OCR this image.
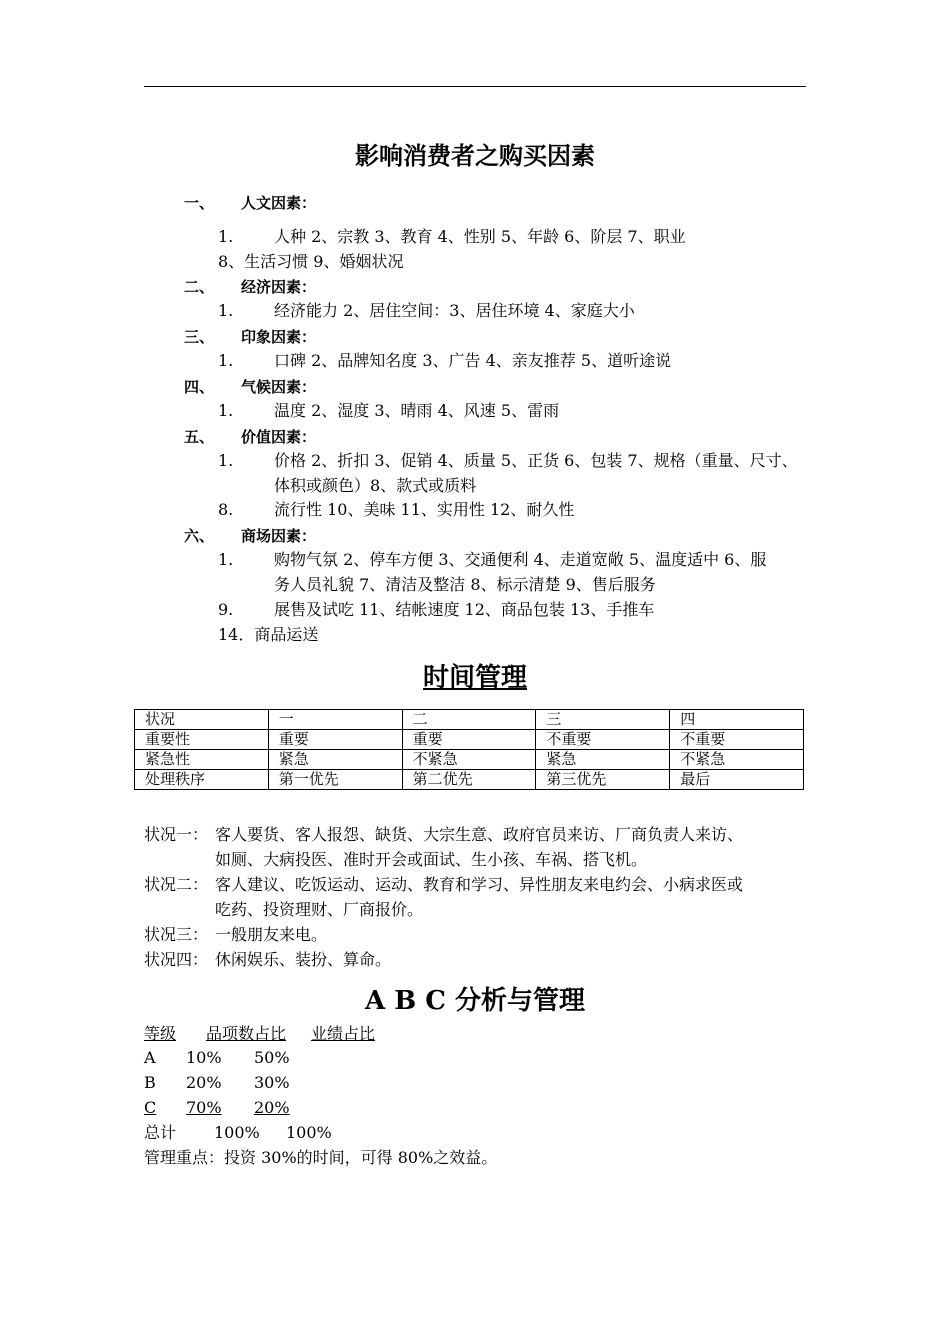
影响消费者之购买因素
一、 人文因素：
1.	人种 2、宗教 3、教育 4、性别 5、年龄 6、阶层 7、职业
8、生活习惯 9、婚姻状况
二、 经济因素：
1.	经济能力 2、居住空间：3、居住环境 4、家庭大小
三、 印象因素：
1.	口碑 2、品牌知名度 3、广告 4、亲友推荐 5、道听途说
四、 气候因素：
1.	温度 2、湿度 3、晴雨 4、风速 5、雷雨
五、 价值因素：
1.	价格 2、折扣 3、促销 4、质量 5、正货 6、包装 7、规格（重量、尺寸、
体积或颜色）8、款式或质料
8.	流行性 10、美味 11、实用性 12、耐久性
六、 商场因素：
1.	购物气氛 2、停车方便 3、交通便利 4、走道宽敞 5、温度适中 6、服
务人员礼貌 7、清洁及整洁 8、标示清楚 9、售后服务
9.	展售及试吃 11、结帐速度 12、商品包装 13、手推车
14．商品运送
时间管理
状况	一	二	三	四
重要性	重要	重要	不重要	不重要
紧急性	紧急	不紧急	紧急	不紧急
处理秩序	第一优先	第二优先	第三优先	最后
状况一： 客人要货、客人报怨、缺货、大宗生意、政府官员来访、厂商负责人来访、
如厕、大病投医、准时开会或面试、生小孩、车祸、搭飞机。
状况二： 客人建议、吃饭运动、运动、教育和学习、异性朋友来电约会、小病求医或
吃药、投资理财、厂商报价。
状况三： 一般朋友来电。
状况四： 休闲娱乐、装扮、算命。
A B C 分析与管理
等级 品项数占比 业绩占比
A 10% 50%
B 20% 30%
C 70%	20%
总计 100% 100%
管理重点：投资 30%的时间，可得 80%之效益。
